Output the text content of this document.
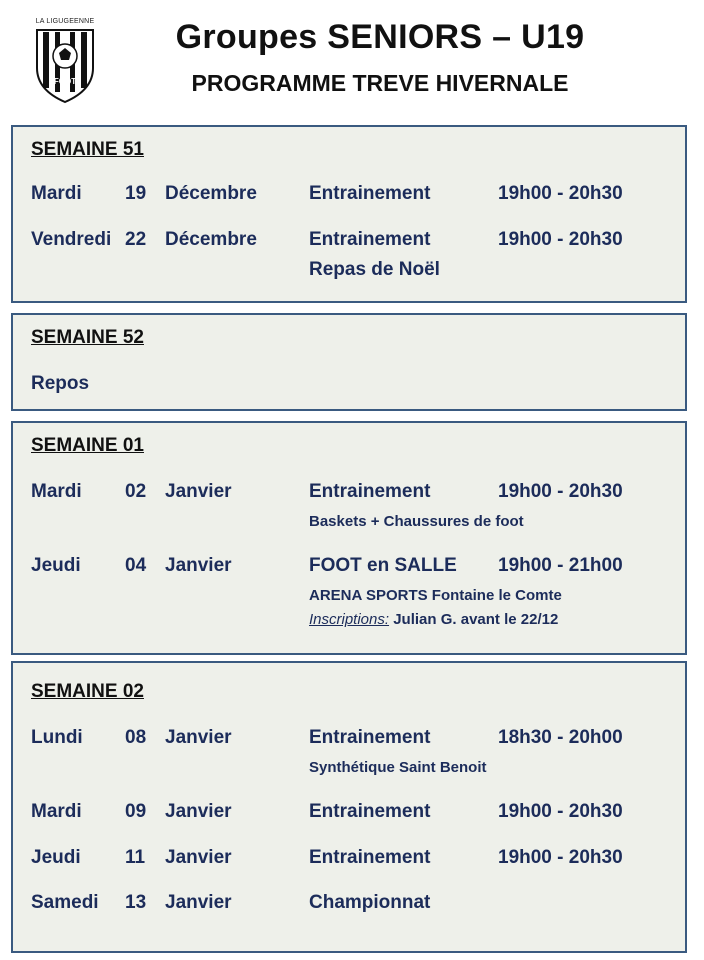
LA LIGUGEENNE
FOOT
Groupes SENIORS – U19
PROGRAMME TREVE HIVERNALE
SEMAINE 51
Mardi 19 Décembre	Entrainement	19h00 - 20h30
Vendredi 22 Décembre	Entrainement	19h00 - 20h30
Repas de Noël
SEMAINE 52
Repos
SEMAINE 01
Mardi 02 Janvier	Entrainement	19h00 - 20h30
Baskets + Chaussures de foot
Jeudi 04 Janvier	FOOT en SALLE 19h00 - 21h00
ARENA SPORTS Fontaine le Comte
Inscriptions: Julian G. avant le 22/12
SEMAINE 02
Lundi 08 Janvier	Entrainement	18h30 - 20h00
Synthétique Saint Benoit
Mardi 09 Janvier	Entrainement	19h00 - 20h30
Jeudi 11 Janvier	Entrainement	19h00 - 20h30
Samedi 13 Janvier	Championnat
